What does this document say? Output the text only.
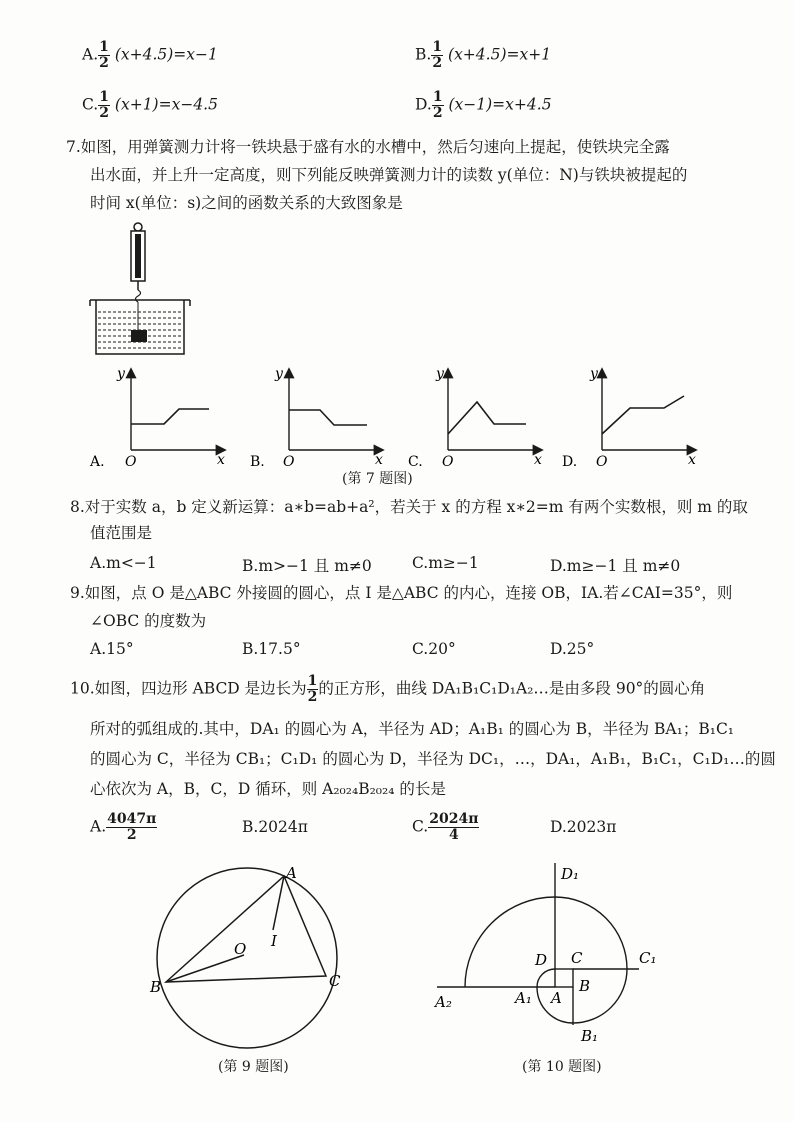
A. $\frac{1}{2} (x+4.5)=x-1$	B. $\frac{1}{2} (x+4.5)=x+1$
C. $\frac{1}{2} (x+1)=x-4.5$	D. $\frac{1}{2} (x-1)=x+4.5$
7.如图，用弹簧测力计将一铁块悬于盛有水的水槽中，然后匀速向上提起，使铁块完全露
出水面，并上升一定高度，则下列能反映弹簧测力计的读数 y(单位：N)与铁块被提起的
时间 x(单位：s)之间的函数关系的大致图象是
y
x
O
A.
y
x
O
B.
y
x
O
C.
y
x
O
D.
(第 7 题图)
8.对于实数 a，b 定义新运算：a∗b=ab+a²，若关于 x 的方程 x∗2=m 有两个实数根，则 m 的取
值范围是
A.m<−1	B.m>−1 且 m≠0	C.m≥−1	D.m≥−1 且 m≠0
9.如图，点 O 是△ABC 外接圆的圆心，点 I 是△ABC 的内心，连接 OB，IA.若∠CAI=35°，则
∠OBC 的度数为
A.15°	B.17.5°	C.20°	D.25°
10.如图，四边形 ABCD 是边长为 $\frac{1}{2}$ 的正方形，曲线 DA₁B₁C₁D₁A₂…是由多段 90°的圆心角
所对的弧组成的.其中，DA₁ 的圆心为 A，半径为 AD；A₁B₁ 的圆心为 B，半径为 BA₁；B₁C₁
的圆心为 C，半径为 CB₁；C₁D₁ 的圆心为 D，半径为 DC₁，…，DA₁，A₁B₁，B₁C₁，C₁D₁…的圆
心依次为 A，B，C，D 循环，则 A₂₀₂₄B₂₀₂₄ 的长是
A. $\frac{4047\pi}{2}$	B.2024π	C. $\frac{2024\pi}{4}$	D.2023π
A
B	C
O I
(第 9 题图)
D₁
D C	C₁
A₂	A₁ A
B
B₁
(第 10 题图)
